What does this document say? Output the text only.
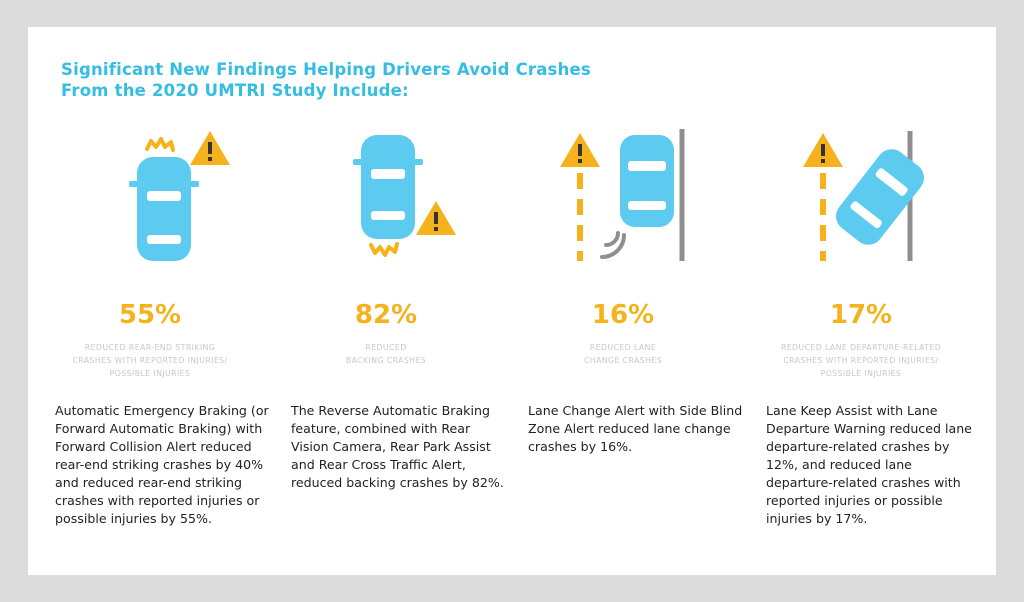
Significant New Findings Helping Drivers Avoid Crashes
From the 2020 UMTRI Study Include:
55%
REDUCED REAR-END STRIKING
CRASHES WITH REPORTED INJURIES/
POSSIBLE INJURIES

Automatic Emergency Braking (or Forward Automatic Braking) with Forward Collision Alert reduced rear-end striking crashes by 40% and reduced rear-end striking crashes with reported injuries or possible injuries by 55%.

82%
REDUCED
BACKING CRASHES

The Reverse Automatic Braking feature, combined with Rear Vision Camera, Rear Park Assist and Rear Cross Traffic Alert, reduced backing crashes by 82%.

16%
REDUCED LANE
CHANGE CRASHES

Lane Change Alert with Side Blind Zone Alert reduced lane change crashes by 16%.

17%
REDUCED LANE DEPARTURE-RELATED
CRASHES WITH REPORTED INJURIES/
POSSIBLE INJURIES

Lane Keep Assist with Lane Departure Warning reduced lane departure-related crashes by 12%, and reduced lane departure-related crashes with reported injuries or possible injuries by 17%.
